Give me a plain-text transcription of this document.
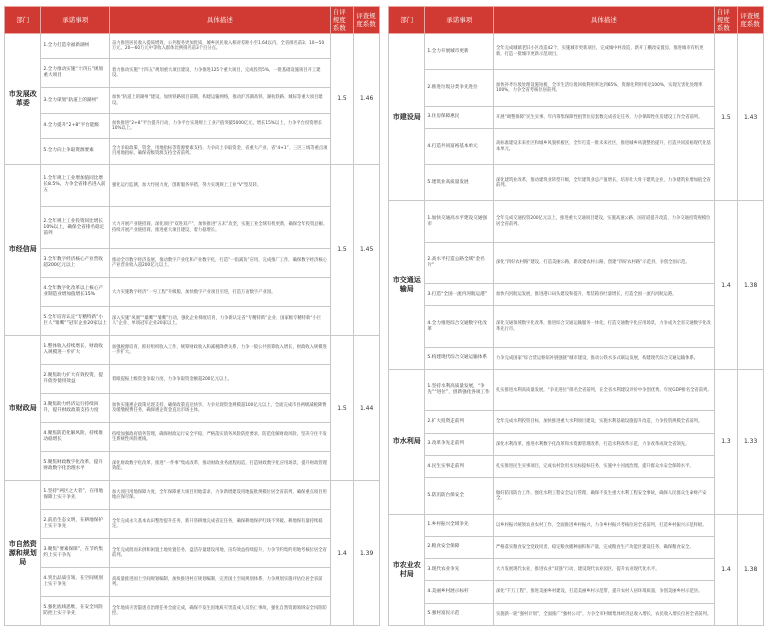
部门	承诺事项	具体描述	自评规度系数	评查规度系数
市发展改革委	1.全力打造幸福新湖州	奋力推进居民收入提质增效，公共服务更加优质，城乡居民收入相对差距小至1.64以内，全省排名前3；10—50万元、20—60万元中等收入群体比例排名前3个百分点。	1.5	1.46
	2.全力推动实施“十四五”规划重大项目	着力推动实施“十四五”规划重大项目建设，力争推进125个重大项目，完成投资5%，一批基础设施项目开工建设。		
	3.全力谋划“轨道上的湖州”	加快“轨道上的湖州”建设，加快铁路项目前期，构建运输网络，推动沪苏湖高铁、湖杭铁路、城际等重大项目建设。		
	4.全力提升“2+8”平台能级	加快推进“2+8”平台提升行动，力争平台实现规上工业产值突破5000亿元，增长15%以上，力争平台投资增长10%以上。		
	5.全力向上争取资源要素	全力争取政策、资金、用地指标等资源要素支持，力争向上争取资金、省重大产业、省“4+1”、三区三线等重点项目用地指标，确保省级资源支持全省前列。		
市经信局	1.全年规上工业增加值同比增长8.5%，力争全省排名进入前五	强化运行监测，加大纾困力度，创新服务举措，努力实现规上工业“V”型反转。	1.5	1.45
	2.全年规上工业投资同比增长10%以上，确保全省排名稳定前列	大力开展产业链招商，深化项目“双进双产”，加快推进“五未”攻坚，实施工业全域有机更新，确保全年投资总额。持续开展产业链招商，推进重大项目建设，着力稳增长。		
	3.全年数字经济核心产业营收超200亿元以上	推动全市数字经济发展，推动数字产业化和产业数字化，打造“一指减负”应用，完成推广工作，确保数字经济核心产业营业收入超200亿元以上。		
	4.全年数字化改革以上核心产业制造业增加值增长15%	大力实施数字经济“一号工程”升级版，加快数字产业项目引进，打造万亩数字产业园。		
	5.全年培育认定“专精特新”小巨人“雏鹰””冠军企业20家以上	深入实施“凤凰”“雄鹰”“雏鹰”行动，强化企业梯度培育，力争新认定省“专精特新”企业、国家级专精特新“小巨人”企业、单项冠军企业20家以上。		
市财政局	1.整体收入持续增长，财政收入规模进一步扩大	加强税源培育，抓好组织收入工作，统筹财政收入和减税降费关系，力争一般公共预算收入增长，财政收入规模进一步扩大。	1.5	1.44
	2.聚焦助力扩大有效投资，提升债券使用效益	着眼提振上级资金争取力度，力争争取资金额超200亿元以上。		
	3.聚焦助力经济运行持续回升，提升财政政策支持力度	加快实施惠企政策兑现支持，确保政策直达快享，力争兑现资金规模超100亿元以上，全面完成市县两级减税降费及缓缴税费任务，确保惠企资金直达市场主体。		
	4.聚焦防范化解风险，持续推动稳增长	持续加强政府债务管理，确保财政运行安全平稳，严格落实债务风险防控要求，防范化解财政风险，坚决守住不发生系统性风险底线。		
	5.聚焦财政数字化改革，提升财政数字化治理水平	深化财政数字化改革，推进“一件事”集成改革，推动财政业务流程再造，打造财政数字化应用场景，提升财政管理效能。		
市自然资源和规划局	1.坚持“两区之大者”，在用地保障上实干争先	加大项目用地保障力度，全年保障重大项目用地需求，力争新增建设用地报批规模位居全省前列，确保重点项目用地应保尽保。	1.4	1.39
	2.前沿生态文明，在耕地保护上实干争先	全年完成永久基本农田整治提升任务，新开垦耕地完成省定任务，确保耕地保护红线不突破，耕地保有量持续稳定。		
	3.聚焦“要素保障”，在节约集约上实干争先	全年完成批而未供和闲置土地处置任务，盘活存量建设用地，亩均效益持续提升，力争节约集约用地考核位居全省前列。		
	4.突出品质引领，在空间规划上实干争先	高质量推进国土空间规划编制，加快推进村庄规划编制，完善国土空间规划体系，力争规划实施评估位居全省前列。		
	5.强化底线思维，在安全风险防控上实干争先	全年地质灾害隐患点治理任务全面完成，确保不发生因地质灾害造成人员伤亡事故，强化自然资源领域安全风险防控。		
部门	承诺事项	具体描述	自评规度系数	评查规度系数
市建设局	1.全力开展城市更新	全年完成城镇老旧小区改造42个，实施城市更新项目，完成城中村改造，新开工棚改安置房，推进城市有机更新，打造一批城市更新示范项目。	1.5	1.43
	2.推进垃圾分类争先进位	加快补齐垃圾处理设施短板，全市生活垃圾回收利用率达到65%，资源化利用率达100%，实现无害化处理率100%，力争全省考核位居前列。		
	3.住房保障惠民	开展“调整保障”民生实事，年内筹集保障性租赁住房套数完成省定任务，力争保障性住房建设工作全省前列。		
	4.打造共同富裕基本单元	高标准建设未来社区和城乡风貌样板区，全年打造一批未来社区，推进城乡风貌整治提升，打造共同富裕现代化基本单元。		
	5.建筑业高质量发展	深化建筑业改革，推动建筑业转型升级，全年建筑业总产值增长，培育壮大骨干建筑企业，力争建筑业增加值全省前列。		
市交通运输局	1.加快交通高水平建设交通强市	全年完成交通投资200亿元以上，推进重大交通项目建设，实施高速公路、国省道提升改造，力争交通投资规模位居全省前列。	1.4	1.38
	2.高水平打造公路全域“金名片”	深化“四好农村路”建设，打造美丽公路，新改建农村公路，创建“四好农村路”示范县，争创全国示范。		
	3.打造“全国一流内河航运港”	加快内河航运发展，推进港口码头建设和提升，集装箱吞吐量增长，打造全国一流内河航运港。		
	4.全力推进综合交通数字化改革	深化交通领域数字化改革，推进综合交通运输服务一体化，打造交通数字化应用场景，力争成为全省交通数字化改革先行市。		
	5.构建现代综合交通运输体系	力争完成国家“综合货运枢纽补链强链”城市建设，推动公铁水多式联运发展，构建现代综合交通运输体系。		
市水利局	1.坚持水利高质量发展，“争先”“进位”，创新强化各项工作	扎实推进水利高质量发展，“争先进位”排名全省前列，在全省水利建设评价中争创优秀，年度GDP排名全省前列。	1.3	1.33
	2.扩大投资走前列	全年完成水利投资目标，加快推进重大水利项目建设，实施水利基础设施提升改造，力争投资规模全省前列。		
	3.改革争先走前列	深化水利改革，推进水利数字化改革和水资源管理改革，打造水利改革示范，力争改革成效全省领先。		
	4.民生实事走前列	扎实推进民生实事项目，完成农村饮用水达标提标任务，实施中小河流治理，提升群众水安全保障水平。		
	5.防汛防台保安全	做好防汛防台工作，强化水利工程安全运行管理，确保不发生重大水利工程安全事故，确保人民群众生命财产安全。		
市农业农村局	1.乡村振兴全域争先	以乡村振兴统领农业农村工作，全面推进乡村振兴，力争乡村振兴考核位居全省前列，打造乡村振兴示范样板。	1.4	1.38
	2.粮食安全保障	严格落实粮食安全党政同责，稳定粮食播种面积和产量，完成粮食生产功能区建设任务，确保粮食安全。		
	3.现代农业争先	大力发展现代农业，推进农业“双强”行动，建设现代农业园区，提升农业现代化水平。		
	4.美丽乡村展示标杆	深化“千万工程”，推进美丽乡村建设，打造美丽乡村示范带，提升农村人居环境质量，争创美丽乡村示范县。		
	5.强村富民示范	实施新一轮“强村计划”，全面推广“强村公司”，力争全市村级集体经济总收入增长，农民收入增长位居全省前列。		
